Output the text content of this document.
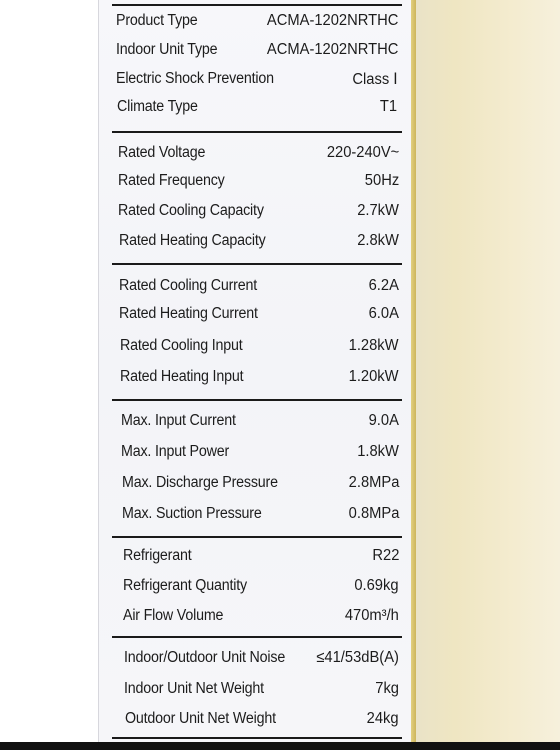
Product Type	ACMA-1202NRTHC
Indoor Unit Type	ACMA-1202NRTHC
Electric Shock Prevention	Class Ⅰ
Climate Type	T1
Rated Voltage	220-240V~
Rated Frequency	50Hz
Rated Cooling Capacity	2.7kW
Rated Heating Capacity	2.8kW
Rated Cooling Current	6.2A
Rated Heating Current	6.0A
Rated Cooling Input	1.28kW
Rated Heating Input	1.20kW
Max. Input Current	9.0A
Max. Input Power	1.8kW
Max. Discharge Pressure	2.8MPa
Max. Suction Pressure	0.8MPa
Refrigerant	R22
Refrigerant Quantity	0.69kg
Air Flow Volume	470m³/h
Indoor/Outdoor Unit Noise ≤41/53dB(A)
Indoor Unit Net Weight	7kg
Outdoor Unit Net Weight	24kg
